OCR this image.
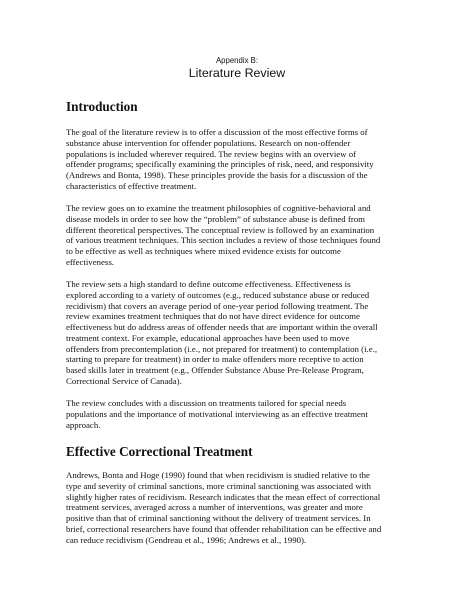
Appendix B:
Literature Review
Introduction
The goal of the literature review is to offer a discussion of the most effective forms of
substance abuse intervention for offender populations. Research on non-offender
populations is included wherever required. The review begins with an overview of
offender programs; specifically examining the principles of risk, need, and responsivity
(Andrews and Bonta, 1998). These principles provide the basis for a discussion of the
characteristics of effective treatment.
The review goes on to examine the treatment philosophies of cognitive-behavioral and
disease models in order to see how the “problem” of substance abuse is defined from
different theoretical perspectives. The conceptual review is followed by an examination
of various treatment techniques. This section includes a review of those techniques found
to be effective as well as techniques where mixed evidence exists for outcome
effectiveness.
The review sets a high standard to define outcome effectiveness. Effectiveness is
explored according to a variety of outcomes (e.g., reduced substance abuse or reduced
recidivism) that covers an average period of one-year period following treatment. The
review examines treatment techniques that do not have direct evidence for outcome
effectiveness but do address areas of offender needs that are important within the overall
treatment context. For example, educational approaches have been used to move
offenders from precontemplation (i.e., not prepared for treatment) to contemplation (i.e.,
starting to prepare for treatment) in order to make offenders more receptive to action
based skills later in treatment (e.g., Offender Substance Abuse Pre-Release Program,
Correctional Service of Canada).
The review concludes with a discussion on treatments tailored for special needs
populations and the importance of motivational interviewing as an effective treatment
approach.
Effective Correctional Treatment
Andrews, Bonta and Hoge (1990) found that when recidivism is studied relative to the
type and severity of criminal sanctions, more criminal sanctioning was associated with
slightly higher rates of recidivism. Research indicates that the mean effect of correctional
treatment services, averaged across a number of interventions, was greater and more
positive than that of criminal sanctioning without the delivery of treatment services. In
brief, correctional researchers have found that offender rehabilitation can be effective and
can reduce recidivism (Gendreau et al., 1996; Andrews et al., 1990).
